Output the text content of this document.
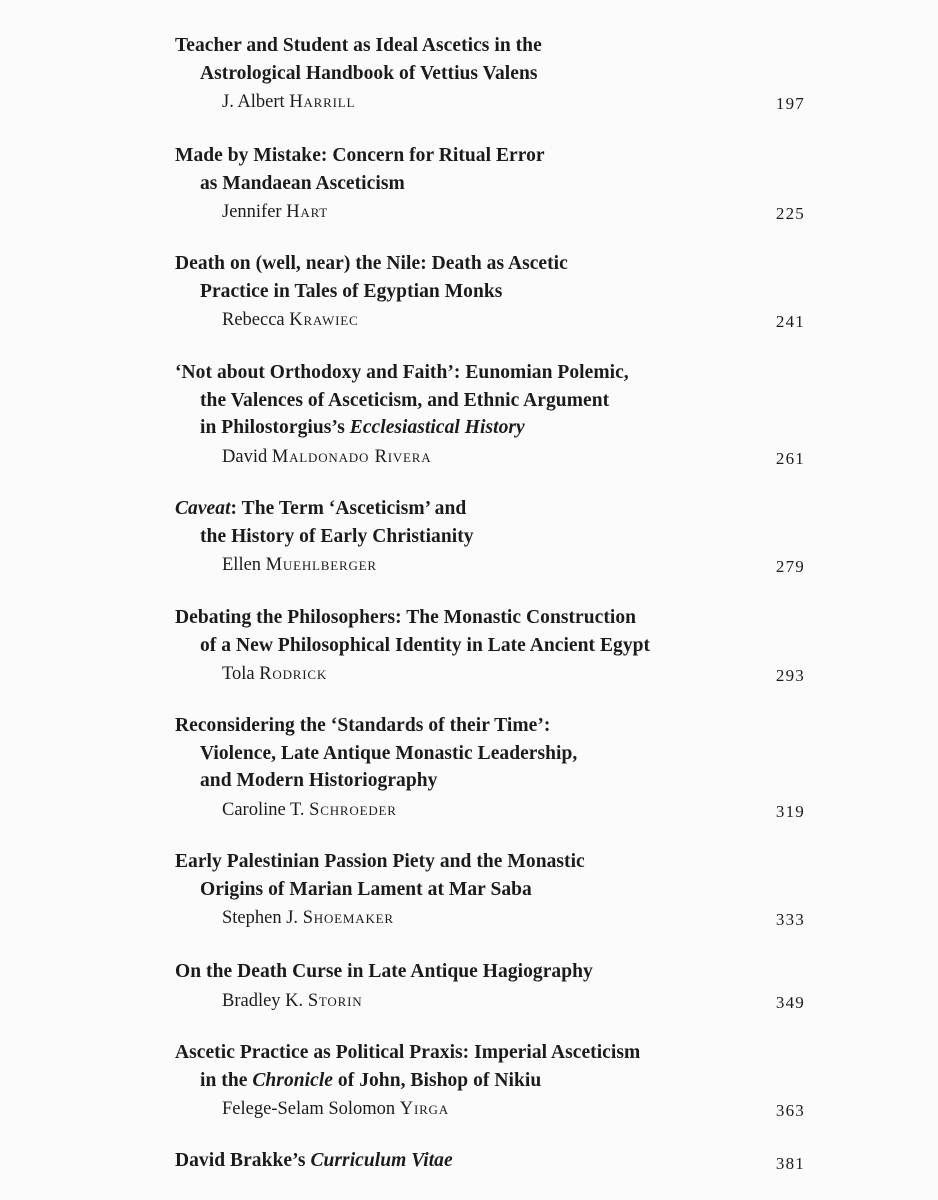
Teacher and Student as Ideal Ascetics in the
Astrological Handbook of Vettius Valens
J. Albert Harrill	197
Made by Mistake: Concern for Ritual Error
as Mandaean Asceticism
Jennifer Hart	225
Death on (well, near) the Nile: Death as Ascetic
Practice in Tales of Egyptian Monks
Rebecca Krawiec	241
‘Not about Orthodoxy and Faith’: Eunomian Polemic,
the Valences of Asceticism, and Ethnic Argument
in Philostorgius’s Ecclesiastical History
David Maldonado Rivera	261
Caveat: The Term ‘Asceticism’ and
the History of Early Christianity
Ellen Muehlberger	279
Debating the Philosophers: The Monastic Construction
of a New Philosophical Identity in Late Ancient Egypt
Tola Rodrick	293
Reconsidering the ‘Standards of their Time’:
Violence, Late Antique Monastic Leadership,
and Modern Historiography
Caroline T. Schroeder	319
Early Palestinian Passion Piety and the Monastic
Origins of Marian Lament at Mar Saba
Stephen J. Shoemaker	333
On the Death Curse in Late Antique Hagiography
Bradley K. Storin	349
Ascetic Practice as Political Praxis: Imperial Asceticism
in the Chronicle of John, Bishop of Nikiu
Felege-Selam Solomon Yirga	363
David Brakke’s Curriculum Vitae	381
